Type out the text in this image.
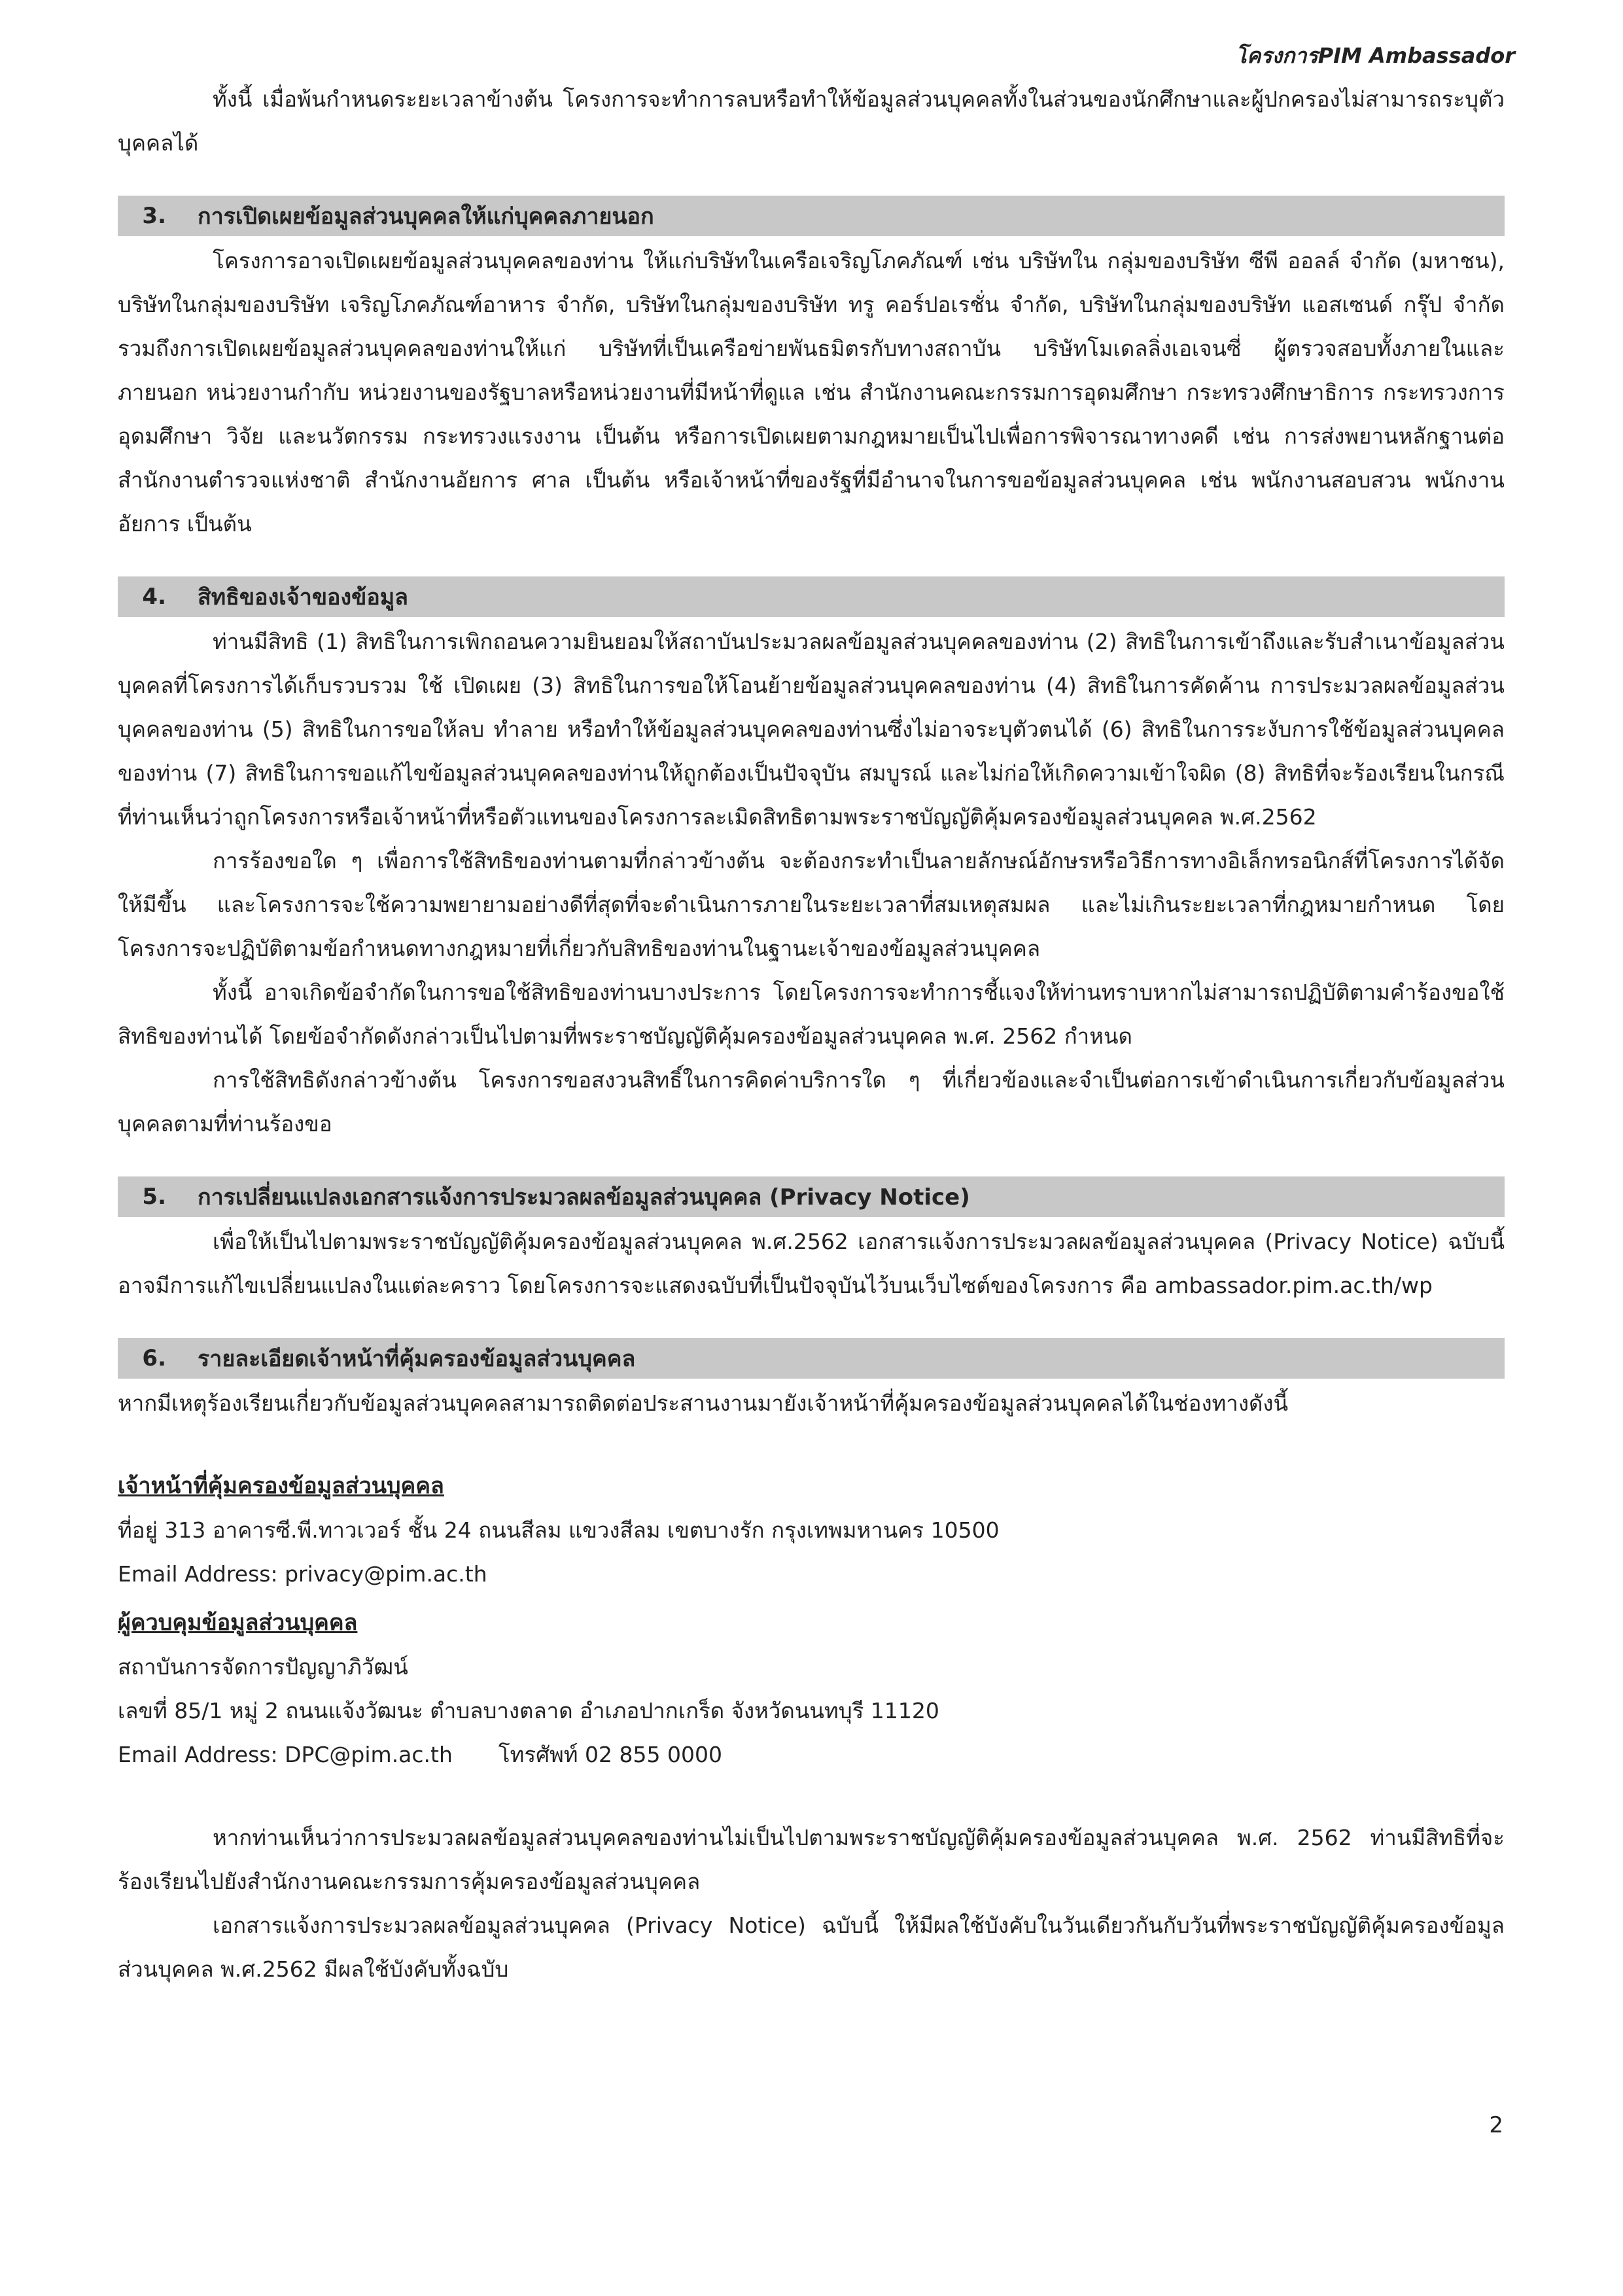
โครงการPIM Ambassador

ทั้งนี้ เมื่อพ้นกำหนดระยะเวลาข้างต้น โครงการจะทำการลบหรือทำให้ข้อมูลส่วนบุคคลทั้งในส่วนของนักศึกษาและผู้ปกครองไม่สามารถระบุตัวบุคคลได้

3.	การเปิดเผยข้อมูลส่วนบุคคลให้แก่บุคคลภายนอก

โครงการอาจเปิดเผยข้อมูลส่วนบุคคลของท่าน ให้แก่บริษัทในเครือเจริญโภคภัณฑ์ เช่น บริษัทใน กลุ่มของบริษัท ซีพี ออลล์ จำกัด (มหาชน), บริษัทในกลุ่มของบริษัท เจริญโภคภัณฑ์อาหาร จำกัด, บริษัทในกลุ่มของบริษัท ทรู คอร์ปอเรชั่น จำกัด, บริษัทในกลุ่มของบริษัท แอสเซนด์ กรุ๊ป จำกัด รวมถึงการเปิดเผยข้อมูลส่วนบุคคลของท่านให้แก่ บริษัทที่เป็นเครือข่ายพันธมิตรกับทางสถาบัน บริษัทโมเดลลิ่งเอเจนซี่ ผู้ตรวจสอบทั้งภายในและภายนอก หน่วยงานกำกับ หน่วยงานของรัฐบาลหรือหน่วยงานที่มีหน้าที่ดูแล เช่น สำนักงานคณะกรรมการอุดมศึกษา กระทรวงศึกษาธิการ กระทรวงการอุดมศึกษา วิจัย และนวัตกรรม กระทรวงแรงงาน เป็นต้น หรือการเปิดเผยตามกฎหมายเป็นไปเพื่อการพิจารณาทางคดี เช่น การส่งพยานหลักฐานต่อสำนักงานตำรวจแห่งชาติ สำนักงานอัยการ ศาล เป็นต้น หรือเจ้าหน้าที่ของรัฐที่มีอำนาจในการขอข้อมูลส่วนบุคคล เช่น พนักงานสอบสวน พนักงานอัยการ เป็นต้น

4.	สิทธิของเจ้าของข้อมูล

ท่านมีสิทธิ (1) สิทธิในการเพิกถอนความยินยอมให้สถาบันประมวลผลข้อมูลส่วนบุคคลของท่าน (2) สิทธิในการเข้าถึงและรับสำเนาข้อมูลส่วนบุคคลที่โครงการได้เก็บรวบรวม ใช้ เปิดเผย (3) สิทธิในการขอให้โอนย้ายข้อมูลส่วนบุคคลของท่าน (4) สิทธิในการคัดค้าน การประมวลผลข้อมูลส่วนบุคคลของท่าน (5) สิทธิในการขอให้ลบ ทำลาย หรือทำให้ข้อมูลส่วนบุคคลของท่านซึ่งไม่อาจระบุตัวตนได้ (6) สิทธิในการระงับการใช้ข้อมูลส่วนบุคคลของท่าน (7) สิทธิในการขอแก้ไขข้อมูลส่วนบุคคลของท่านให้ถูกต้องเป็นปัจจุบัน สมบูรณ์ และไม่ก่อให้เกิดความเข้าใจผิด (8) สิทธิที่จะร้องเรียนในกรณีที่ท่านเห็นว่าถูกโครงการหรือเจ้าหน้าที่หรือตัวแทนของโครงการละเมิดสิทธิตามพระราชบัญญัติคุ้มครองข้อมูลส่วนบุคคล พ.ศ.2562

การร้องขอใด ๆ เพื่อการใช้สิทธิของท่านตามที่กล่าวข้างต้น จะต้องกระทำเป็นลายลักษณ์อักษรหรือวิธีการทางอิเล็กทรอนิกส์ที่โครงการได้จัดให้มีขึ้น และโครงการจะใช้ความพยายามอย่างดีที่สุดที่จะดำเนินการภายในระยะเวลาที่สมเหตุสมผล และไม่เกินระยะเวลาที่กฎหมายกำหนด โดยโครงการจะปฏิบัติตามข้อกำหนดทางกฎหมายที่เกี่ยวกับสิทธิของท่านในฐานะเจ้าของข้อมูลส่วนบุคคล

ทั้งนี้ อาจเกิดข้อจำกัดในการขอใช้สิทธิของท่านบางประการ โดยโครงการจะทำการชี้แจงให้ท่านทราบหากไม่สามารถปฏิบัติตามคำร้องขอใช้สิทธิของท่านได้ โดยข้อจำกัดดังกล่าวเป็นไปตามที่พระราชบัญญัติคุ้มครองข้อมูลส่วนบุคคล พ.ศ. 2562 กำหนด

การใช้สิทธิดังกล่าวข้างต้น โครงการขอสงวนสิทธิ์ในการคิดค่าบริการใด ๆ ที่เกี่ยวข้องและจำเป็นต่อการเข้าดำเนินการเกี่ยวกับข้อมูลส่วนบุคคลตามที่ท่านร้องขอ

5.	การเปลี่ยนแปลงเอกสารแจ้งการประมวลผลข้อมูลส่วนบุคคล (Privacy Notice)

เพื่อให้เป็นไปตามพระราชบัญญัติคุ้มครองข้อมูลส่วนบุคคล พ.ศ.2562 เอกสารแจ้งการประมวลผลข้อมูลส่วนบุคคล (Privacy Notice) ฉบับนี้ อาจมีการแก้ไขเปลี่ยนแปลงในแต่ละคราว โดยโครงการจะแสดงฉบับที่เป็นปัจจุบันไว้บนเว็บไซต์ของโครงการ คือ ambassador.pim.ac.th/wp

6.	รายละเอียดเจ้าหน้าที่คุ้มครองข้อมูลส่วนบุคคล

หากมีเหตุร้องเรียนเกี่ยวกับข้อมูลส่วนบุคคลสามารถติดต่อประสานงานมายังเจ้าหน้าที่คุ้มครองข้อมูลส่วนบุคคลได้ในช่องทางดังนี้

เจ้าหน้าที่คุ้มครองข้อมูลส่วนบุคคล

ที่อยู่ 313 อาคารซี.พี.ทาวเวอร์ ชั้น 24 ถนนสีลม แขวงสีลม เขตบางรัก กรุงเทพมหานคร 10500

Email Address: privacy@pim.ac.th

ผู้ควบคุมข้อมูลส่วนบุคคล

สถาบันการจัดการปัญญาภิวัฒน์

เลขที่ 85/1 หมู่ 2 ถนนแจ้งวัฒนะ ตำบลบางตลาด อำเภอปากเกร็ด จังหวัดนนทบุรี 11120

Email Address: DPC@pim.ac.th โทรศัพท์ 02 855 0000

หากท่านเห็นว่าการประมวลผลข้อมูลส่วนบุคคลของท่านไม่เป็นไปตามพระราชบัญญัติคุ้มครองข้อมูลส่วนบุคคล พ.ศ. 2562 ท่านมีสิทธิที่จะร้องเรียนไปยังสำนักงานคณะกรรมการคุ้มครองข้อมูลส่วนบุคคล

เอกสารแจ้งการประมวลผลข้อมูลส่วนบุคคล (Privacy Notice) ฉบับนี้ ให้มีผลใช้บังคับในวันเดียวกันกับวันที่พระราชบัญญัติคุ้มครองข้อมูลส่วนบุคคล พ.ศ.2562 มีผลใช้บังคับทั้งฉบับ

2
